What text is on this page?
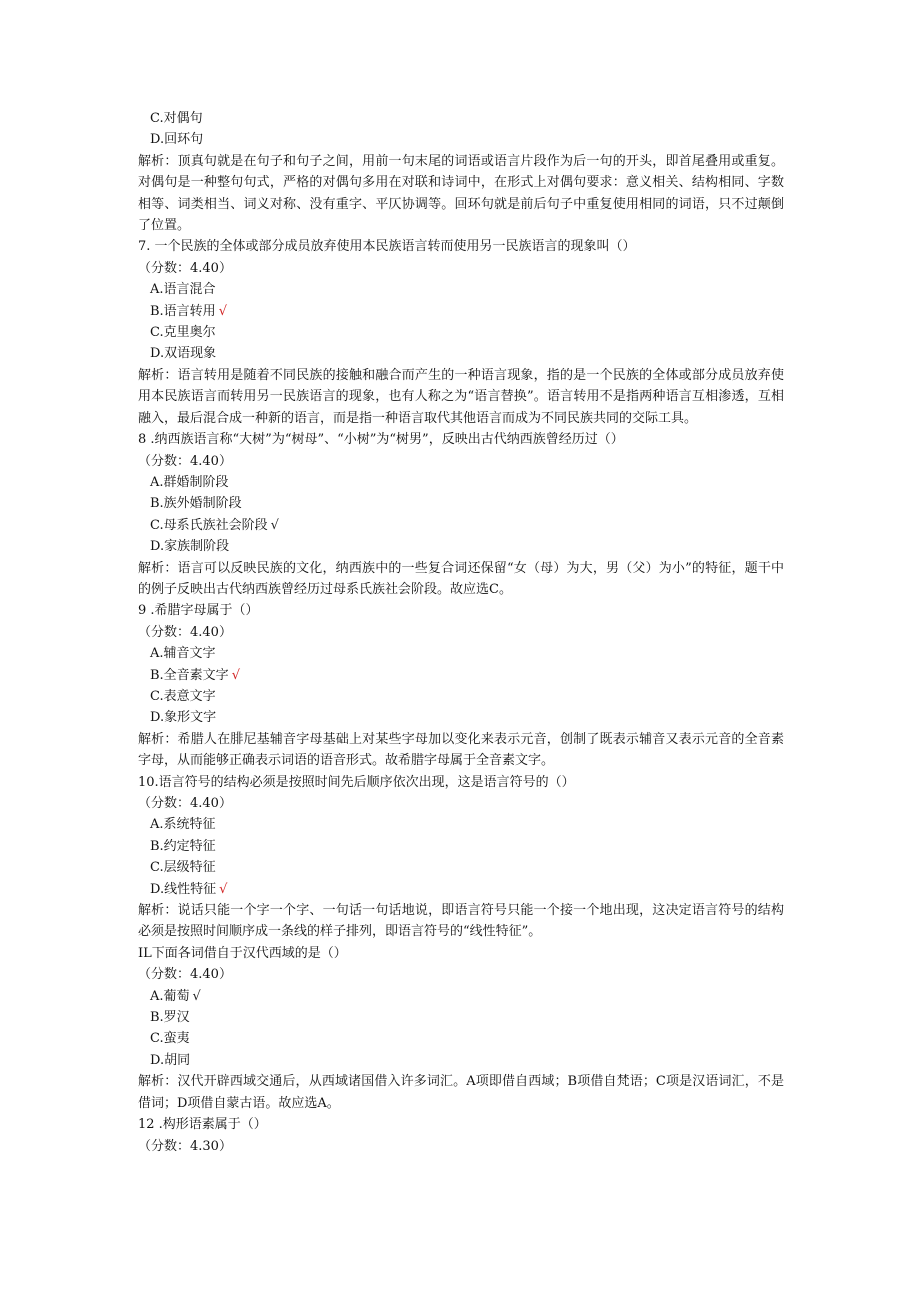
C.对偶句
D.回环句
解析：顶真句就是在句子和句子之间，用前一句末尾的词语或语言片段作为后一句的开头，即首尾叠用或重复。对偶句是一种整句句式，严格的对偶句多用在对联和诗词中，在形式上对偶句要求：意义相关、结构相同、字数相等、词类相当、词义对称、没有重字、平仄协调等。回环句就是前后句子中重复使用相同的词语，只不过颠倒了位置。
7. 一个民族的全体或部分成员放弃使用本民族语言转而使用另一民族语言的现象叫（）
（分数：4.40）
A.语言混合
B.语言转用 √
C.克里奥尔
D.双语现象
解析：语言转用是随着不同民族的接触和融合而产生的一种语言现象，指的是一个民族的全体或部分成员放弃使用本民族语言而转用另一民族语言的现象，也有人称之为“语言替换”。语言转用不是指两种语言互相渗透，互相融入，最后混合成一种新的语言，而是指一种语言取代其他语言而成为不同民族共同的交际工具。
8 .纳西族语言称“大树”为“树母”、“小树”为“树男”，反映出古代纳西族曾经历过（）
（分数：4.40）
A.群婚制阶段
B.族外婚制阶段
C.母系氏族社会阶段 √
D.家族制阶段
解析：语言可以反映民族的文化，纳西族中的一些复合词还保留“女（母）为大，男（父）为小”的特征，题干中的例子反映出古代纳西族曾经历过母系氏族社会阶段。故应选C。
9 .希腊字母属于（）
（分数：4.40）
A.辅音文字
B.全音素文字 √
C.表意文字
D.象形文字
解析：希腊人在腓尼基辅音字母基础上对某些字母加以变化来表示元音，创制了既表示辅音又表示元音的全音素字母，从而能够正确表示词语的语音形式。故希腊字母属于全音素文字。
10.语言符号的结构必须是按照时间先后顺序依次出现，这是语言符号的（）
（分数：4.40）
A.系统特征
B.约定特征
C.层级特征
D.线性特征 √
解析：说话只能一个字一个字、一句话一句话地说，即语言符号只能一个接一个地出现，这决定语言符号的结构必须是按照时间顺序成一条线的样子排列，即语言符号的“线性特征”。
IL下面各词借自于汉代西域的是（）
（分数：4.40）
A.葡萄 √
B.罗汉
C.蛮夷
D.胡同
解析：汉代开辟西域交通后，从西域诸国借入许多词汇。A项即借自西域；B项借自梵语；C项是汉语词汇，不是借词；D项借自蒙古语。故应选A。
12 .构形语素属于（）
（分数：4.30）
